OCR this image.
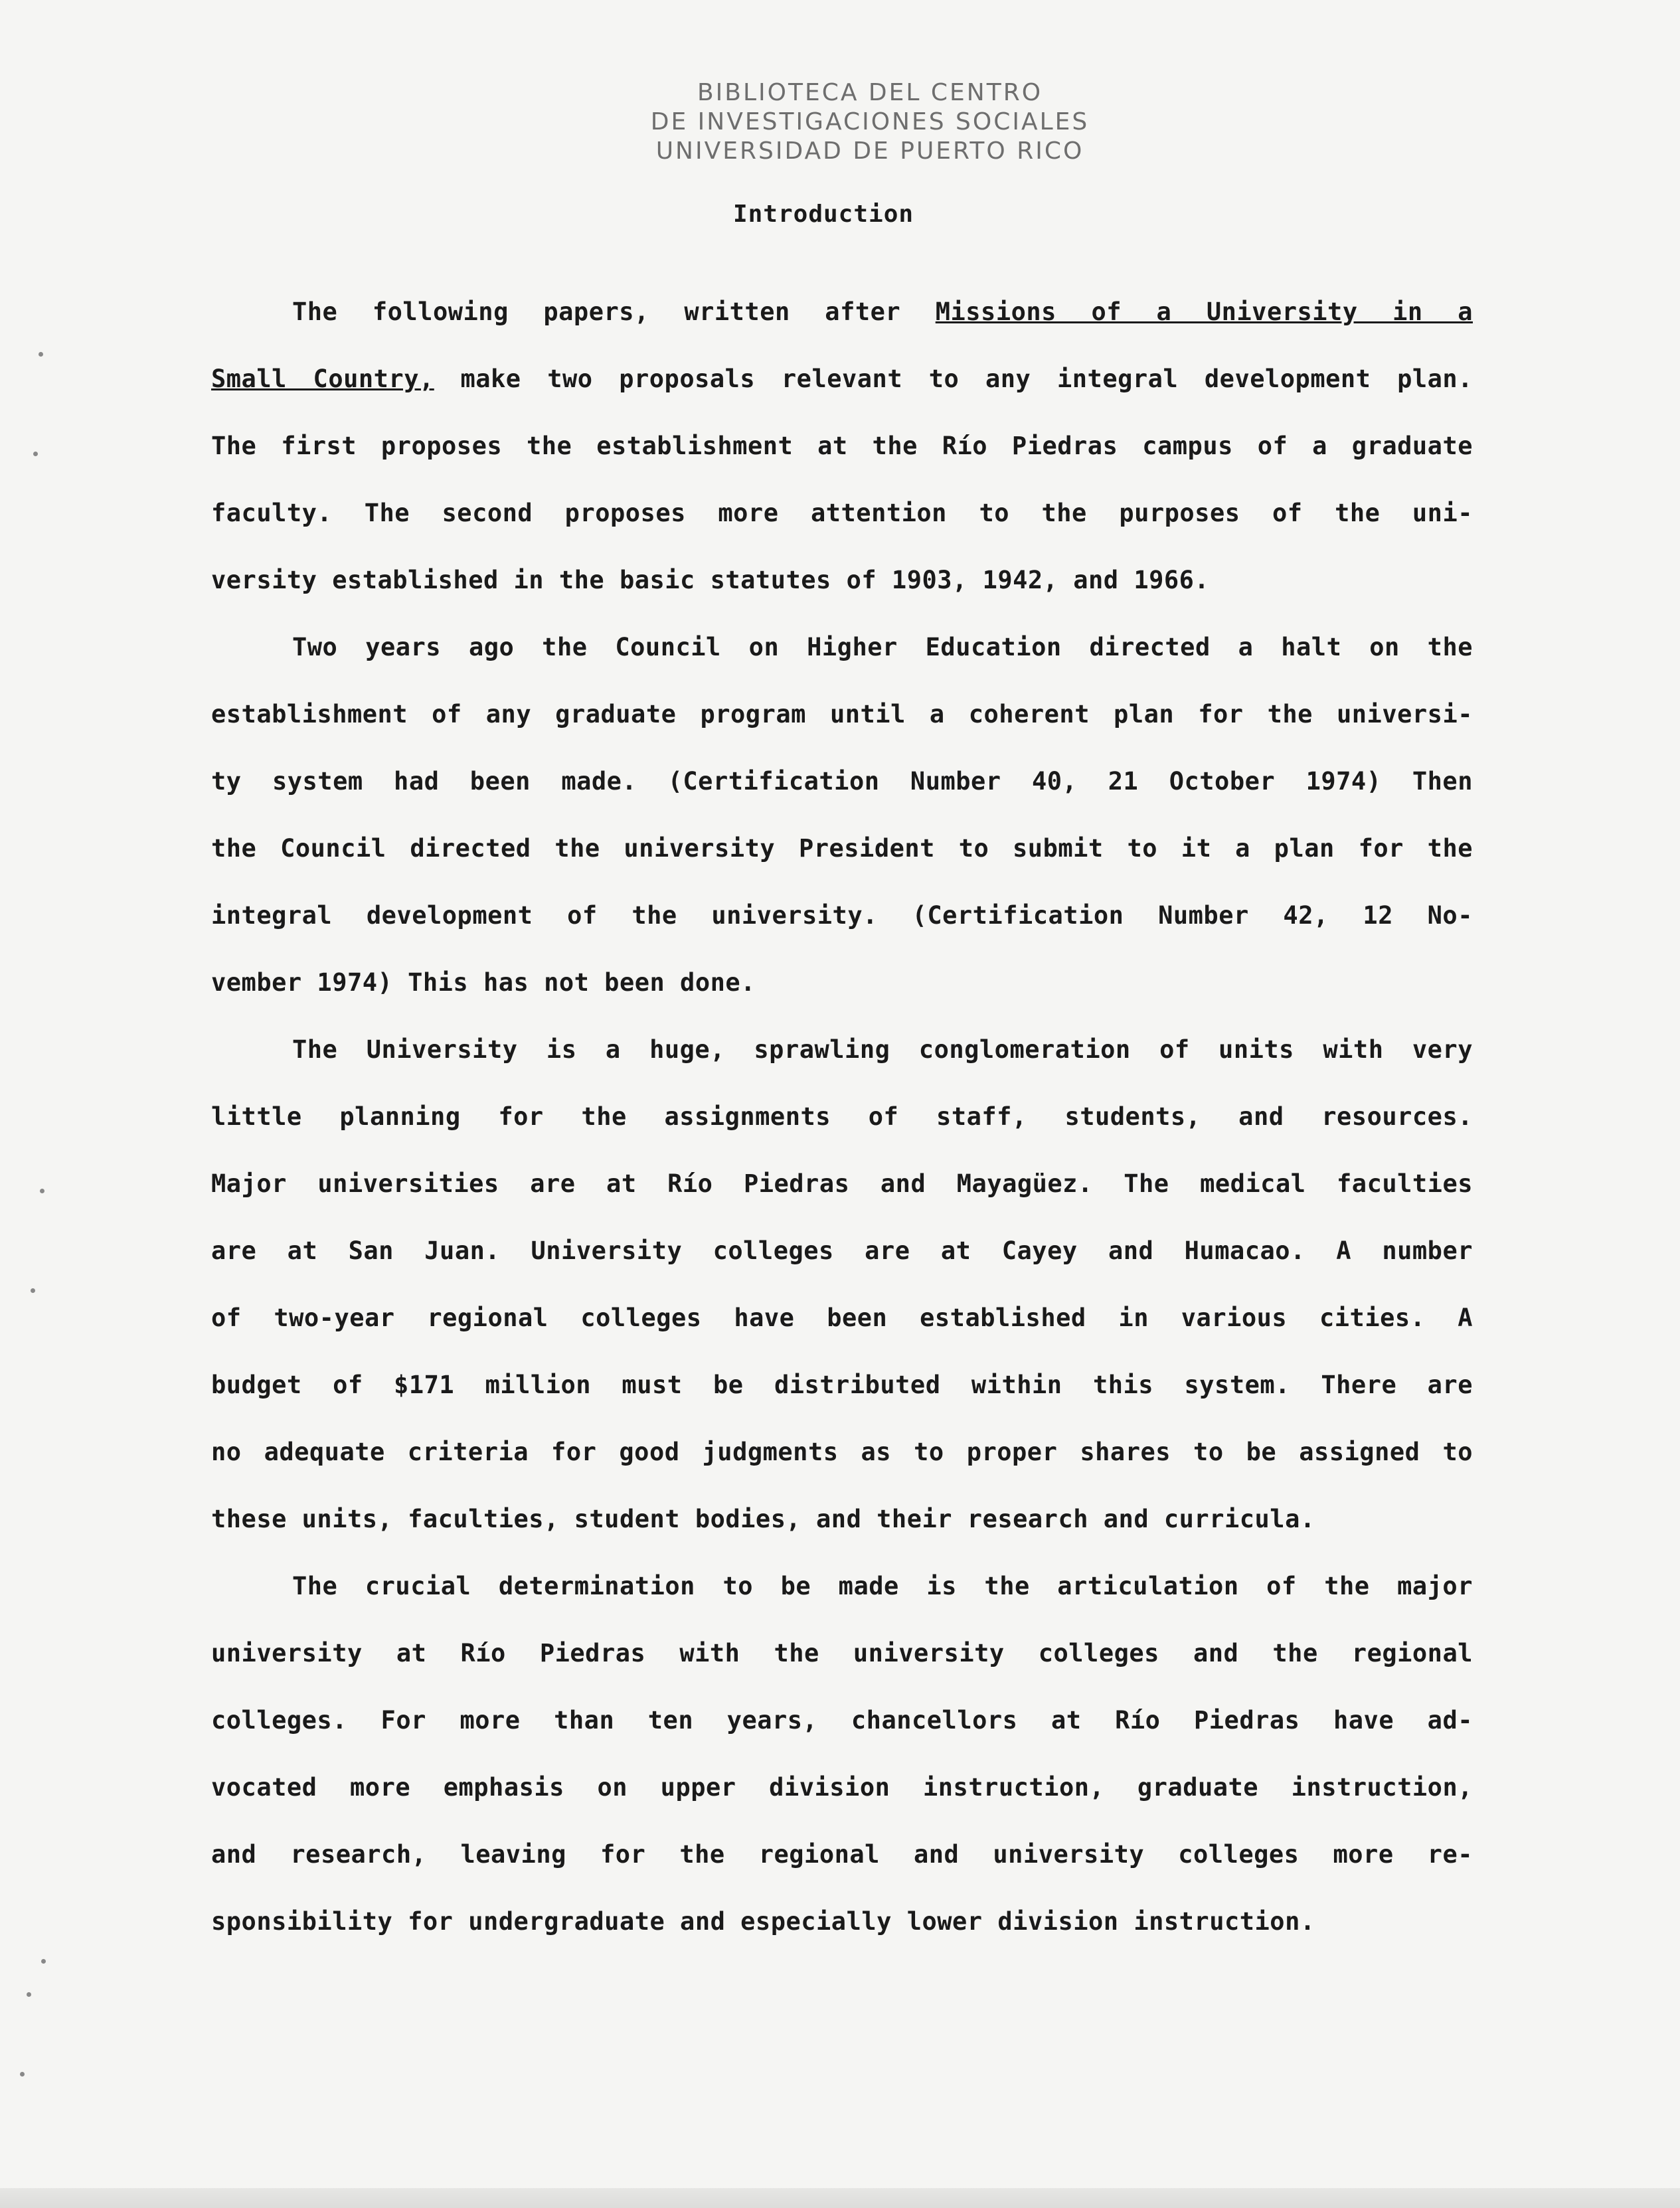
BIBLIOTECA DEL CENTRO
DE INVESTIGACIONES SOCIALES
UNIVERSIDAD DE PUERTO RICO
Introduction
The following papers, written after Missions of a University in a
Small Country, make two proposals relevant to any integral development plan.
The first proposes the establishment at the Río Piedras campus of a graduate
faculty. The second proposes more attention to the purposes of the uni-
versity established in the basic statutes of 1903, 1942, and 1966.
Two years ago the Council on Higher Education directed a halt on the
establishment of any graduate program until a coherent plan for the universi-
ty system had been made. (Certification Number 40, 21 October 1974) Then
the Council directed the university President to submit to it a plan for the
integral development of the university. (Certification Number 42, 12 No-
vember 1974) This has not been done.
The University is a huge, sprawling conglomeration of units with very
little planning for the assignments of staff, students, and resources.
Major universities are at Río Piedras and Mayagüez. The medical faculties
are at San Juan. University colleges are at Cayey and Humacao. A number
of two-year regional colleges have been established in various cities. A
budget of $171 million must be distributed within this system. There are
no adequate criteria for good judgments as to proper shares to be assigned to
these units, faculties, student bodies, and their research and curricula.
The crucial determination to be made is the articulation of the major
university at Río Piedras with the university colleges and the regional
colleges. For more than ten years, chancellors at Río Piedras have ad-
vocated more emphasis on upper division instruction, graduate instruction,
and research, leaving for the regional and university colleges more re-
sponsibility for undergraduate and especially lower division instruction.
